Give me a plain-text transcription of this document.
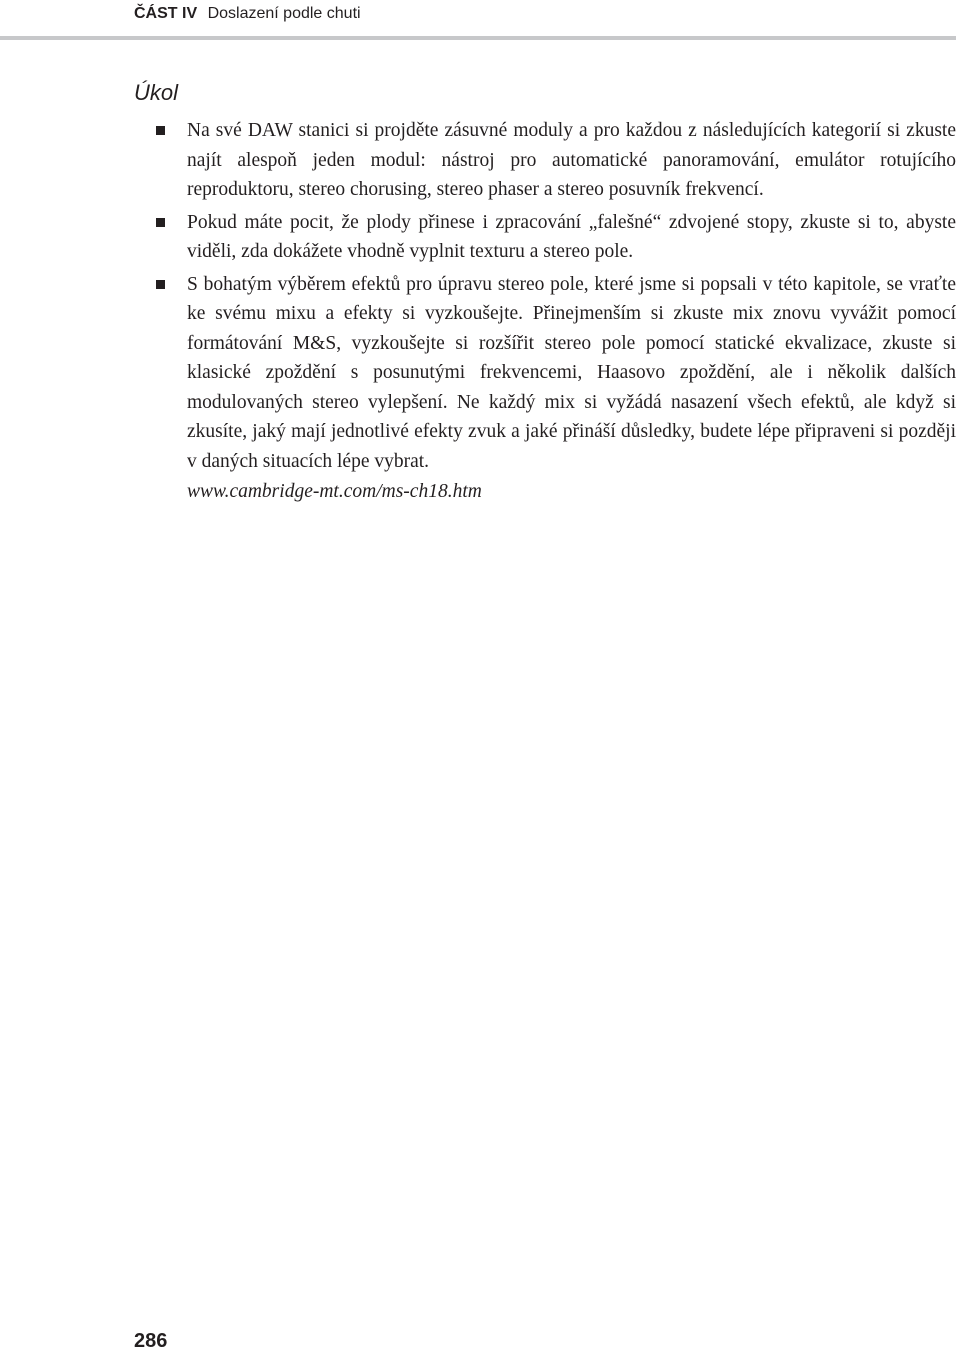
ČÁST IV Doslazení podle chuti
Úkol
Na své DAW stanici si projděte zásuvné moduly a pro každou z následujících kategorií si zkuste najít alespoň jeden modul: nástroj pro automatické panoramování, emulátor rotujícího reproduktoru, stereo chorusing, stereo phaser a stereo posuvník frekvencí.
Pokud máte pocit, že plody přinese i zpracování „falešné“ zdvojené stopy, zkuste si to, abyste viděli, zda dokážete vhodně vyplnit texturu a stereo pole.
S bohatým výběrem efektů pro úpravu stereo pole, které jsme si popsali v této kapitole, se vraťte ke svému mixu a efekty si vyzkoušejte. Přinejmenším si zkuste mix znovu vyvážit pomocí formátování M&S, vyzkoušejte si rozšířit stereo pole pomocí statické ekvalizace, zkuste si klasické zpoždění s posunutými frekvencemi, Haasovo zpoždění, ale i několik dalších modulovaných stereo vylepšení. Ne každý mix si vyžádá nasazení všech efektů, ale když si zkusíte, jaký mají jednotlivé efekty zvuk a jaké přináší důsledky, budete lépe připraveni si později v daných situacích lépe vybrat.
www.cambridge-mt.com/ms-ch18.htm
286
